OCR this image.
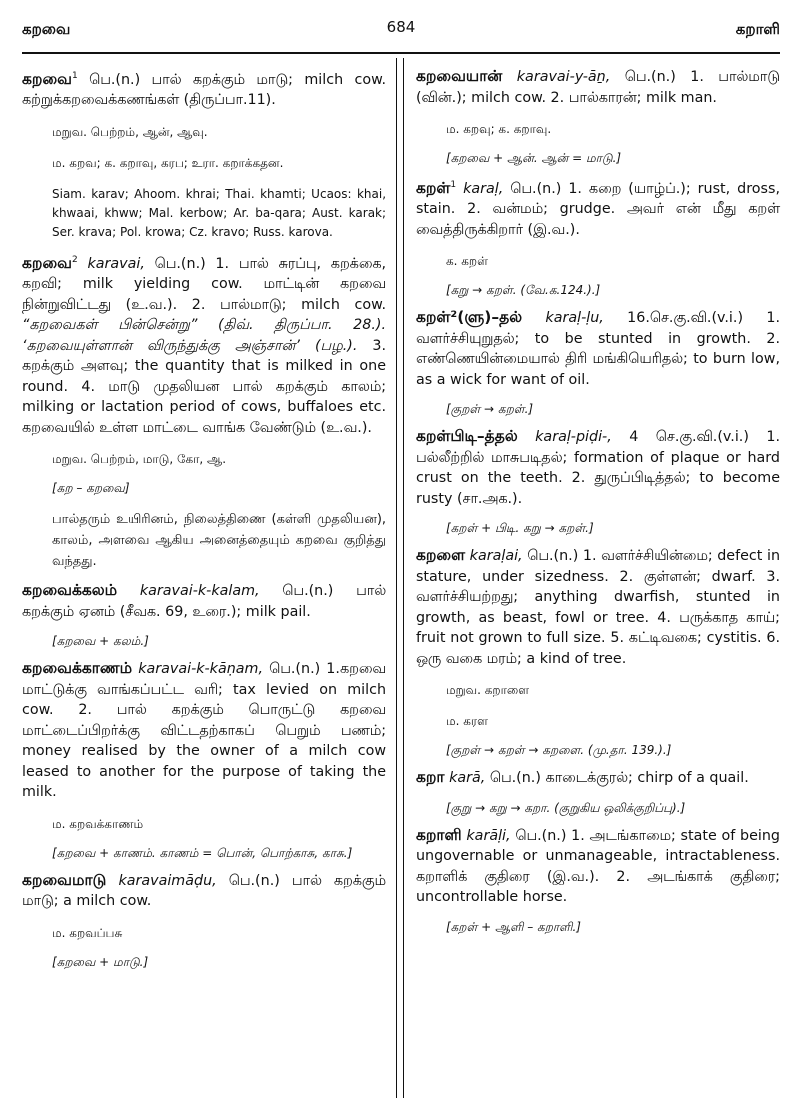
கறவை	684	கறாளி
கறவை$^1$ பெ.(n.) பால் கறக்கும் மாடு; milch cow. கற்றுக்கறவைக்கணங்கள் (திருப்பா.11).
மறுவ. பெற்றம், ஆன், ஆவு.
ம. கறவ; க. கறாவு, கரப; உரா. கறாக்கதன.
Siam. karav; Ahoom. khrai; Thai. khamti; Ucaos: khai, khwaai, khww; Mal. kerbow; Ar. ba-qara; Aust. karak; Ser. krava; Pol. krowa; Cz. kravo; Russ. karova.
கறவை$^2$ karavai, பெ.(n.) 1. பால் சுரப்பு, கறக்கை, கறவி; milk yielding cow. மாட்டின் கறவை நின்றுவிட்டது (உ.வ.). 2. பால்மாடு; milch cow. “கறவைகள் பின்சென்று” (திவ். திருப்பா. 28.). ‘கறவையுள்ளான் விருந்துக்கு அஞ்சான்’ (பழ.). 3. கறக்கும் அளவு; the quantity that is milked in one round. 4. மாடு முதலியன பால் கறக்கும் காலம்; milking or lactation period of cows, buffaloes etc. கறவையில் உள்ள மாட்டை வாங்க வேண்டும் (உ.வ.).
மறுவ. பெற்றம், மாடு, கோ, ஆ.
[கற – கறவை]
பால்தரும் உயிரினம், நிலைத்திணை (கள்ளி முதலியன), காலம், அளவை ஆகிய அனைத்தையும் கறவை குறித்து வந்தது.
கறவைக்கலம் karavai-k-kalam, பெ.(n.) பால் கறக்கும் ஏனம் (சீவக. 69, உரை.); milk pail.
[கறவை + கலம்.]
கறவைக்காணம் karavai-k-kāṇam, பெ.(n.) 1.கறவை மாட்டுக்கு வாங்கப்பட்ட வரி; tax levied on milch cow. 2. பால் கறக்கும் பொருட்டு கறவை மாட்டைப்பிறர்க்கு விட்டதற்காகப் பெறும் பணம்; money realised by the owner of a milch cow leased to another for the purpose of taking the milk.
ம. கறவக்காணம்
[கறவை + காணம். காணம் = பொன், பொற்காசு, காசு.]
கறவைமாடு karavaimāḍu, பெ.(n.) பால் கறக்கும் மாடு; a milch cow.
ம. கறவப்பசு
[கறவை + மாடு.]
கறவையான் karavai-y-āṉ, பெ.(n.) 1. பால்மாடு (வின்.); milch cow. 2. பால்காரன்; milk man.
ம. கறவு; க. கறாவு.
[கறவை + ஆன். ஆன் = மாடு.]
கறள்$^1$ karaḷ, பெ.(n.) 1. கறை (யாழ்ப்.); rust, dross, stain. 2. வன்மம்; grudge. அவர் என் மீது கறள் வைத்திருக்கிறார் (இ.வ.).
க. கறள்
[கறு → கறள். (வே.க.124.).]
கறள்²(ளு)–தல் karaḷ-ḷu, 16.செ.கு.வி.(v.i.) 1. வளர்ச்சியுறுதல்; to be stunted in growth. 2. எண்ணெயின்மையால் திரி மங்கியெரிதல்; to burn low, as a wick for want of oil.
[குறள் → கறள்.]
கறள்பிடி–த்தல் karaḷ-piḍi-, 4 செ.கு.வி.(v.i.) 1. பல்லீற்றில் மாசுபடிதல்; formation of plaque or hard crust on the teeth. 2. துருப்பிடித்தல்; to become rusty (சா.அக.).
[கறள் + பிடி. கறு → கறள்.]
கறளை karaḷai, பெ.(n.) 1. வளர்ச்சியின்மை; defect in stature, under sizedness. 2. குள்ளன்; dwarf. 3. வளர்ச்சியற்றது; anything dwarfish, stunted in growth, as beast, fowl or tree. 4. பருக்காத காய்; fruit not grown to full size. 5. கட்டிவகை; cystitis. 6. ஒரு வகை மரம்; a kind of tree.
மறுவ. கறாளை
ம. கரள
[குறள் → கறள் → கறளை. (மு.தா. 139.).]
கறா karā, பெ.(n.) காடைக்குரல்; chirp of a quail.
[குறு → கறு → கறா. (குறுகிய ஒலிக்குறிப்பு).]
கறாளி karāḷi, பெ.(n.) 1. அடங்காமை; state of being ungovernable or unmanageable, intractableness. கறாளிக் குதிரை (இ.வ.). 2. அடங்காக் குதிரை; uncontrollable horse.
[கறள் + ஆளி – கறாளி.]
